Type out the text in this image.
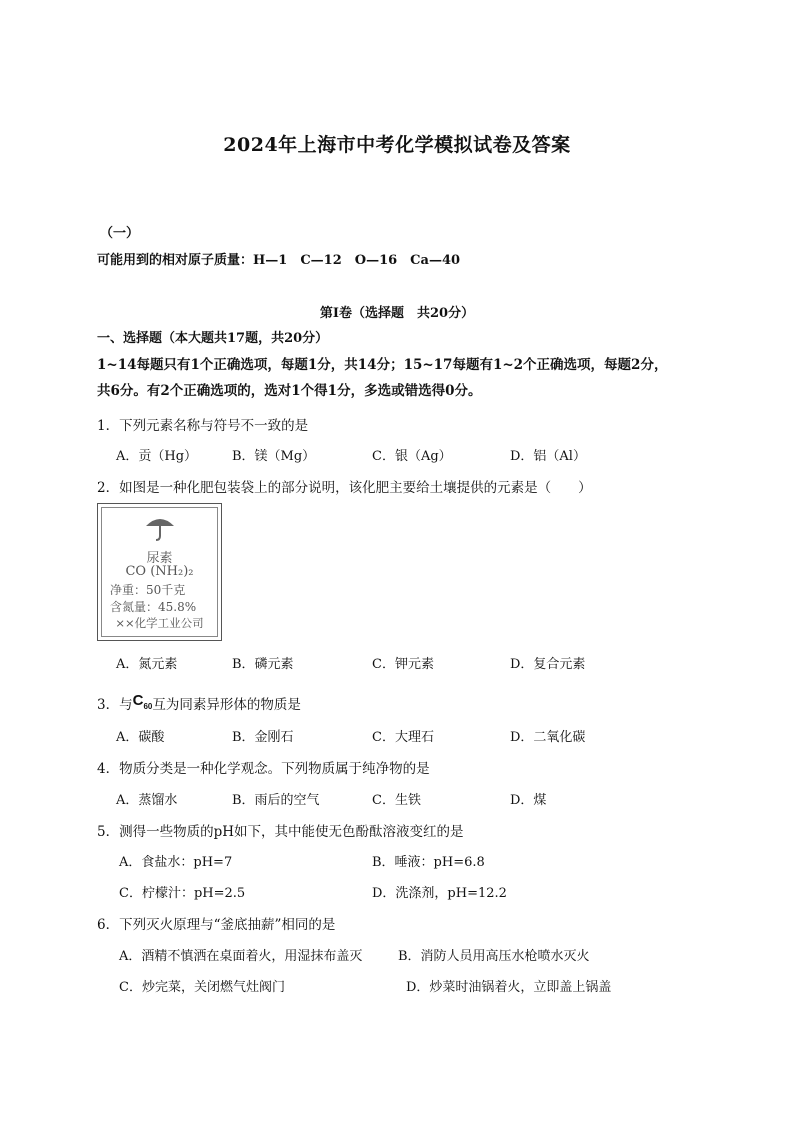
2024年上海市中考化学模拟试卷及答案
（一）
可能用到的相对原子质量：H—1　C—12　O—16　Ca—40
第Ⅰ卷（选择题　共20分）
一、选择题（本大题共17题，共20分）
1~14每题只有1个正确选项，每题1分，共14分；15~17每题有1~2个正确选项，每题2分，
共6分。有2个正确选项的，选对1个得1分，多选或错选得0分。
1．下列元素名称与符号不一致的是
A．贡（Hg）	B．镁（Mg）	C．银（Ag）	D．铝（Al）
2．如图是一种化肥包装袋上的部分说明，该化肥主要给土壤提供的元素是（　　）
尿素
CO (NH₂)₂
净重：50千克
含氮量：45.8%
××化学工业公司
A．氮元素	B．磷元素	C．钾元素	D．复合元素
3．与$C_{60}$互为同素异形体的物质是
A．碳酸	B．金刚石	C．大理石	D．二氧化碳
4．物质分类是一种化学观念。下列物质属于纯净物的是
A．蒸馏水	B．雨后的空气	C．生铁	D．煤
5．测得一些物质的pH如下，其中能使无色酚酞溶液变红的是
A．食盐水：pH=7	B．唾液：pH=6.8
C．柠檬汁：pH=2.5	D．洗涤剂，pH=12.2
6．下列灭火原理与“釜底抽薪”相同的是
A．酒精不慎洒在桌面着火，用湿抹布盖灭	B．消防人员用高压水枪喷水灭火
C．炒完菜，关闭燃气灶阀门	D．炒菜时油锅着火，立即盖上锅盖
